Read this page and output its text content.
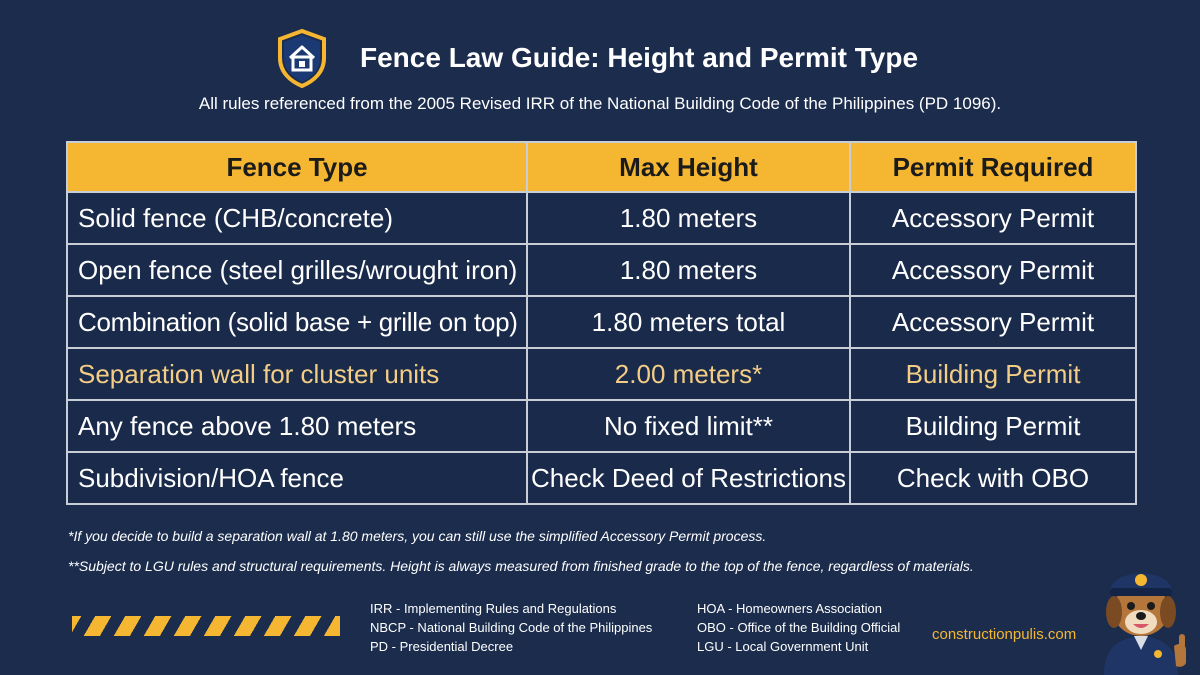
Fence Law Guide: Height and Permit Type
All rules referenced from the 2005 Revised IRR of the National Building Code of the Philippines (PD 1096).
Fence Type	Max Height	Permit Required
Solid fence (CHB/concrete)	1.80 meters	Accessory Permit
Open fence (steel grilles/wrought iron)	1.80 meters	Accessory Permit
Combination (solid base + grille on top)	1.80 meters total	Accessory Permit
Separation wall for cluster units	2.00 meters*	Building Permit
Any fence above 1.80 meters	No fixed limit**	Building Permit
Subdivision/HOA fence	Check Deed of Restrictions	Check with OBO
*If you decide to build a separation wall at 1.80 meters, you can still use the simplified Accessory Permit process.
**Subject to LGU rules and structural requirements. Height is always measured from finished grade to the top of the fence, regardless of materials.
IRR - Implementing Rules and Regulations
NBCP - National Building Code of the Philippines
PD - Presidential Decree
HOA - Homeowners Association
OBO - Office of the Building Official
LGU - Local Government Unit
constructionpulis.com
